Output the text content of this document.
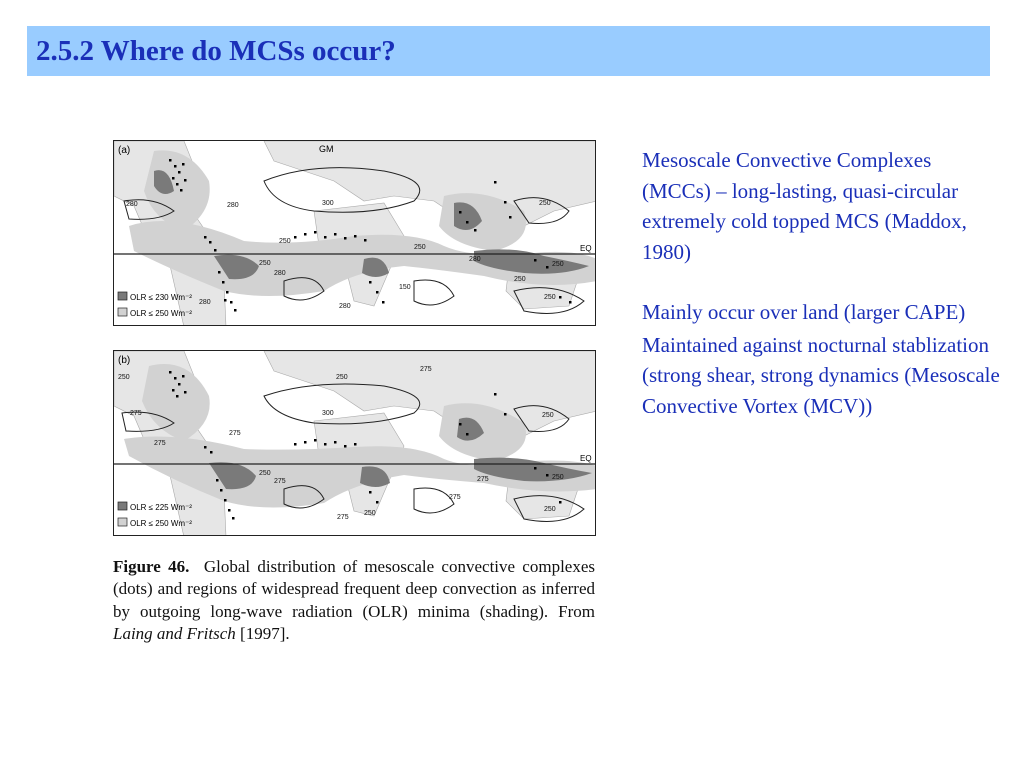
2.5.2 Where do MCSs occur?
(a)	GM
EQ
280	280	300
250
250
250
250
280
250
280
280
250
150
280
250
OLR ≤ 230 Wm⁻²
OLR ≤ 250 Wm⁻²
(b)
EQ
250
275
275
250
275
300
275
250
250
250
275
250
275
275
250
275
OLR ≤ 225 Wm⁻²
OLR ≤ 250 Wm⁻²
Figure 46. Global distribution of mesoscale convective complexes (dots) and regions of widespread frequent deep convection as inferred by outgoing long-wave radiation (OLR) minima (shading). From Laing and Fritsch [1997].

Mesoscale Convective Complexes (MCCs) – long-lasting, quasi-circular extremely cold topped MCS (Maddox, 1980)

Mainly occur over land (larger CAPE)

Maintained against nocturnal stablization (strong shear, strong dynamics (Mesoscale Convective Vortex (MCV))
